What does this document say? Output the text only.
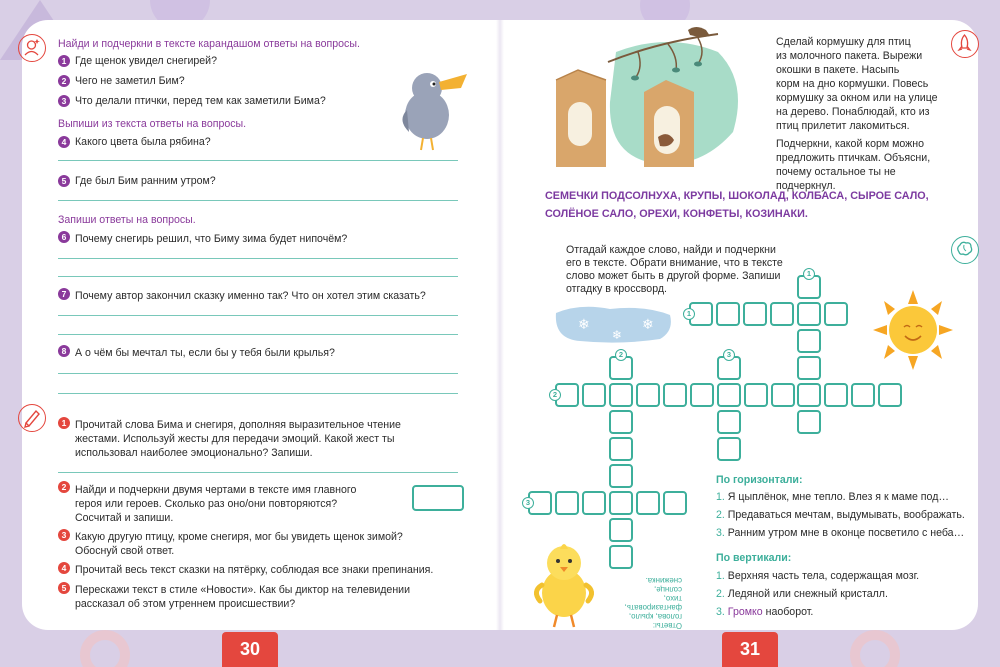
Найди и подчеркни в тексте карандашом ответы на вопросы.
1 Где щенок увидел снегирей?
2 Чего не заметил Бим?
3 Что делали птички, перед тем как заметили Бима?
Выпиши из текста ответы на вопросы.
4 Какого цвета была рябина?
5 Где был Бим ранним утром?
Запиши ответы на вопросы.
6 Почему снегирь решил, что Биму зима будет нипочём?
7 Почему автор закончил сказку именно так? Что он хотел этим сказать?
8 А о чём бы мечтал ты, если бы у тебя были крылья?
1 Прочитай слова Бима и снегиря, дополняя выразительное чтение
жестами. Используй жесты для передачи эмоций. Какой жест ты
использовал наиболее эмоционально? Запиши.
2 Найди и подчеркни двумя чертами в тексте имя главного
героя или героев. Сколько раз оно/они повторяются?
Сосчитай и запиши.
3 Какую другую птицу, кроме снегиря, мог бы увидеть щенок зимой?
Обоснуй свой ответ.
4 Прочитай весь текст сказки на пятёрку, соблюдая все знаки препинания.
5 Перескажи текст в стиле «Новости». Как бы диктор на телевидении
рассказал об этом утреннем происшествии?
30
Сделай кормушку для птиц
из молочного пакета. Вырежи
окошки в пакете. Насыпь
корм на дно кормушки. Повесь
кормушку за окном или на улице
на дерево. Понаблюдай, кто из
птиц прилетит лакомиться.
Подчеркни, какой корм можно
предложить птичкам. Объясни,
почему остальное ты не
подчеркнул.
СЕМЕЧКИ ПОДСОЛНУХА, КРУПЫ, ШОКОЛАД, КОЛБАСА, СЫРОЕ САЛО,
СОЛЁНОЕ САЛО, ОРЕХИ, КОНФЕТЫ, КОЗИНАКИ.
Отгадай каждое слово, найди и подчеркни
его в тексте. Обрати внимание, что в тексте
слово может быть в другой форме. Запиши
отгадку в кроссворд.
❄
❄
❄
1
2	3
1
2
3
По горизонтали:
1. Я цыплёнок, мне тепло. Влез я к маме под…
2. Предаваться мечтам, выдумывать, воображать.
3. Ранним утром мне в оконце посветило с неба…
По вертикали:
1. Верхняя часть тела, содержащая мозг.
2. Ледяной или снежный кристалл.
3. Громко наоборот.
Ответы:
голова, крыло,
фантазировать, тихо,
солнце, снежинка.
31
